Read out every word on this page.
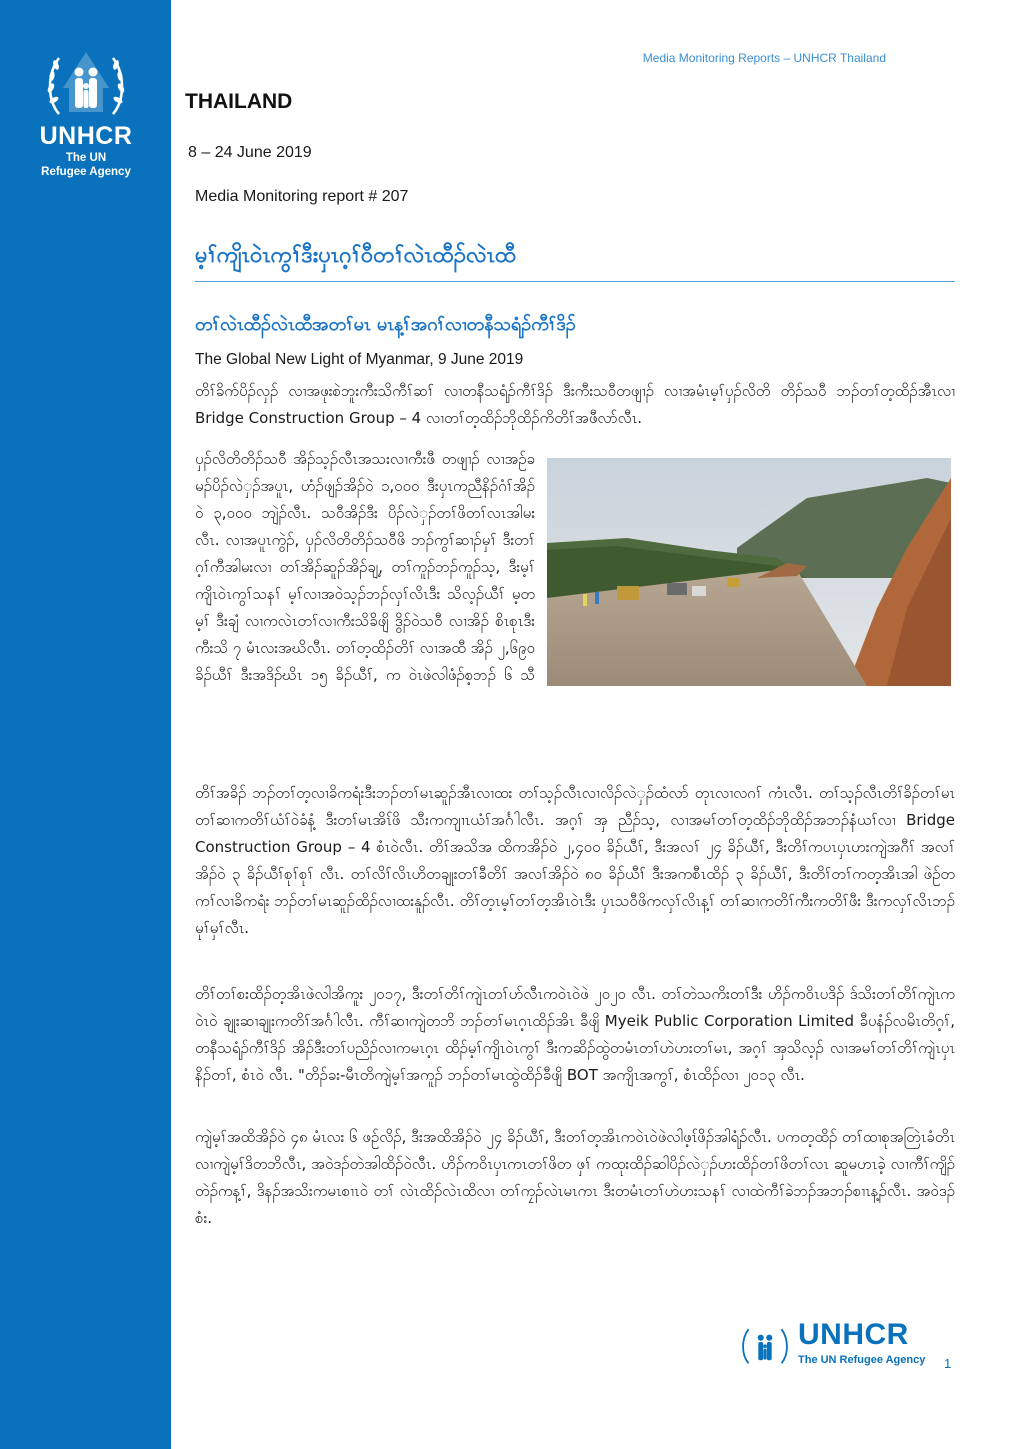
UNHCR
The UN
Refugee Agency
Media Monitoring Reports – UNHCR Thailand
THAILAND
8 – 24 June 2019
Media Monitoring report # 207
မ့ၢ်ကျိၤဝဲၤကွၢ်ဒီးပှၤဂ့ၢ်ဝီတၢ်လဲၤထီၣ်လဲၤထီ
တၢ်လဲၤထီၣ်လဲၤထီအတၢ်မၤ မၤန့ၢ်အဂၢ်လၢတနီသရံၣ်ကီၢ်ဒိၣ်
The Global New Light of Myanmar, 9 June 2019
တိၢ်ခိက်ပိၣ်လှၣ် လၢအဖုးစဲဘူးကီးသိကီၢ်ဆၢ် လၢတနီသရံၣ်ကီၢ်ဒိၣ် ဒီးကီးသဝီတဖျၢၣ် လၢအမံၤမ့ၢ်ပှၣ်လိတိ တိၣ်သဝီ ဘၣ်တၢ်တ့ထိၣ်အီၤလၢ Bridge Construction Group – 4 လၢတၢ်တ့ထိၣ်ဘိုထိၣ်ကိတိၢ်အဖီလာ်လီၤ.
ပှၣ်လိတိတိၣ်သဝီ အိၣ်သ့ၣ်လီၤအသးလၢကီးဖီ တဖျၢၣ် လၢအဉ်ခမၣ်ပိၣ်လဲှၣ်အပူၤ, ဟံၣ်ဖျၣ်အိၣ်ဝဲ ၁,၀၀၀ ဒီးပှၤကညီနိၣ်ဂံၢ်အိၣ်ဝဲ ၃,၀၀၀ ဘျဲၣ်လီၤ. သဝီအိၣ်ဒီး ပိၣ်လဲှၣ်တၢ်ဖိတၢ်လၤအါမးလီၤ. လၢအပူၤကွဲၣ်, ပှၣ်လိတိတိၣ်သဝီဖိ ဘၣ်ကွၢ်ဆၢၣ်မှၢ် ဒီးတၢ်ဂ့ၢ်ကီအါမးလၢ တၢ်အိၣ်ဆူၣ်အိၣ်ချ့, တၢ်ကူၣ်ဘၣ်ကူၣ်သ့, ဒီးမ့ၢ်ကျိၤဝဲၤကွၢ်သနၢ် မ့ၢ်လၢအဝဲသ့ၣ်ဘၣ်လှၢ်လိၤဒီး သိလ့ၣ်ယီၢ် မ့တမ့ၢ် ဒီးချံ လၢကလဲၤတၢ်လၢကီးသိခိဖျိ ဒွိၣ်ဝဲသဝီ လၢအိၣ် စိၤစုၤဒီးကီးသိ ၇ မံၤလးအဃိလီၤ. တၢ်တ့ထိၣ်တိၢ် လၢအထီ အိၣ် ၂,၆၉၀ ခိၣ်ယီၢ် ဒီးအဒိၣ်ဃိၤ ၁၅ ခိၣ်ယီၢ်, က ဝဲၤဖဲလါဖံၣ်စ့ဘၣ် ၆ သီ
တိၢ်အခိၣ် ဘၣ်တၢ်တ့လၢခိကရံးဒီးဘၣ်တၢ်မၤဆူၣ်အီၤလၢထး တၢ်သ့ၣ်လီၤလၢလိၣ်လဲှၣ်ထံလာ် တုၤလၢလဂၢ် ကံၤလီၤ. တၢ်သ့ၣ်လီၤတိၢ်ခိၣ်တၢ်မၤ တၢ်ဆၢကတိၢ်ယံၢ်ဝဲခံနံ့ ဒီးတၢ်မၤအိၤ်ဖိ သီးကကျၢၤယံၢ်အင်္ဂါလီၤ. အဂ့ၢ် အှ ညီၣ်သ့, လၢအမၢ်တၢ်တ့ထိၣ်ဘိုထိၣ်အဘၣ်နံယၢ်လၢ Bridge Construction Group – 4 စံၤဝဲလီၤ. တိၢ်အသိအ ထိကအိၣ်ဝဲ ၂,၄၀၀ ခိၣ်ယီၢ်, ဒီးအလၢ် ၂၄ ခိၣ်ယီၢ်, ဒီးတိၢ်ကပၤပှၤဟးကျဲအဂီၢ် အလၢ်အိၣ်ဝဲ ၃ ခိၣ်ယီၢ်စုၢ်စုၢ် လီၤ. တၢ်လိၢ်လိၤဟိတချုးတၢ်ခီတိၢ် အလၢ်အိၣ်ဝဲ ၈၀ ခိၣ်ယီၢ် ဒီးအကစီၤထိၣ် ၃ ခိၣ်ယီၢ်, ဒီးတိၢ်တၢ်ကတ့အိၤအါ ဖဲဉ်တကၢ်လၢခိကရံး ဘၣ်တၢ်မၤဆူၣ်ထိၣ်လၢထးနူၣ်လီၤ. တိၢ်တ့ၤမ့ၢ်တၢ်တ့အိၤဝဲၤဒီး ပှၤသဝီဖိကလှၢ်လိၤန့ၢ် တၢ်ဆၢကတိၢ်ကီးကတိၢ်ဖီး ဒီးကလှၢ်လိၤဘၣ်မုၢ်မှၢ်လီၤ.
တိၢ်တၢ်စးထိၣ်တ့အိၤဖဲလါအိကူး ၂၀၁၇, ဒီးတၢ်တိၢ်ကျဲၤတၢ်ဟ်လီၤကဝဲၤဝဲဖဲ ၂၀၂၀ လီၤ. တၢ်တဲသကိးတၢ်ဒီး ဟိၣ်ကဝိၤပဒိၣ် ဒ်သိးတၢ်တိၢ်ကျဲၤကဝဲၤဝဲ ချုးဆၢချုးကတိၢ်အင်္ဂါလီၤ. ကီၢ်ဆၢကျဲတဘိ ဘၣ်တၢ်မၤဂ့ၤထိၣ်အိၤ ခီဖျိ Myeik Public Corporation Limited ခီပနံၣ်လမိၤတိဂ့ၢ်, တနီသရံၣ်ကီၢ်ဒိၣ် အိၣ်ဒီးတၢ်ပညိၣ်လၢကမၤဂ့ၤ ထိၣ်မ့ၢ်ကျိၤဝဲၤကွၢ် ဒီးကဆိၣ်ထွဲတမံၤတၢ်ဟဲဟးတၢ်မၤ, အဂ့ၢ် အှသိလ့ၣ် လၢအမၢ်တၢ်တိၢ်ကျဲၤပှၤနိၣ်တၢ်, စံၤဝဲ လီၤ. "တိၣ်ခး-မီၤတိကျဲမ့ၢ်အကူၣ် ဘၣ်တၢ်မၤထွဲထိၣ်ခီဖျိ BOT အကျိၤအကွၢ်, စံၤထိၣ်လၢ ၂၀၁၃ လီၤ.
ကျဲမ့ၢ်အထိအိၣ်ဝဲ ၄၈ မံၤလး ၆ ဖဉ်လိၣ်, ဒီးအထိအိၣ်ဝဲ ၂၄ ခိၣ်ယီၢ်, ဒီးတၢ်တ့အိၤကဝဲၤဝဲဖဲလါဖ့ၤ်ဖိၣ်အါရံၣ်လီၤ. ပကတ့ထိၣ် တၢ်ထၢစုအတြဲၤခံတိၤ လၢကျဲမ့ၢ်ဒိတဘိလီၤ, အဝဲဒၣ်တဲအါထိၣ်ဝဲလီၤ. ဟိၣ်ကဝိၤပှၤကၤတၢ်ဖိတ ဖှၢ် ကထုးထိၣ်ဆါပိၣ်လဲှၣ်ဟးထိၣ်တၢ်ဖိတၢ်လၤ ဆူမဟၤခဲ့ လၢကီၢ်ကျိၣ်တဲၣ်ကန့ၢ်, ဒိနၣ်အသိးကမၤစၢၤဝဲ တၢ် လဲၤထိၣ်လဲၤထိလၢ တၢ်ကၠၣ်လဲၤမၤကၤ ဒီးတမံၤတၢ်ဟဲဟးသနၢ် လၢထဲကီၢ်ခဲဘၣ်အဘၣ်စၢၤန့ၣ်လီၤ. အဝဲဒၣ် စံး.
UNHCR
The UN Refugee Agency 1
